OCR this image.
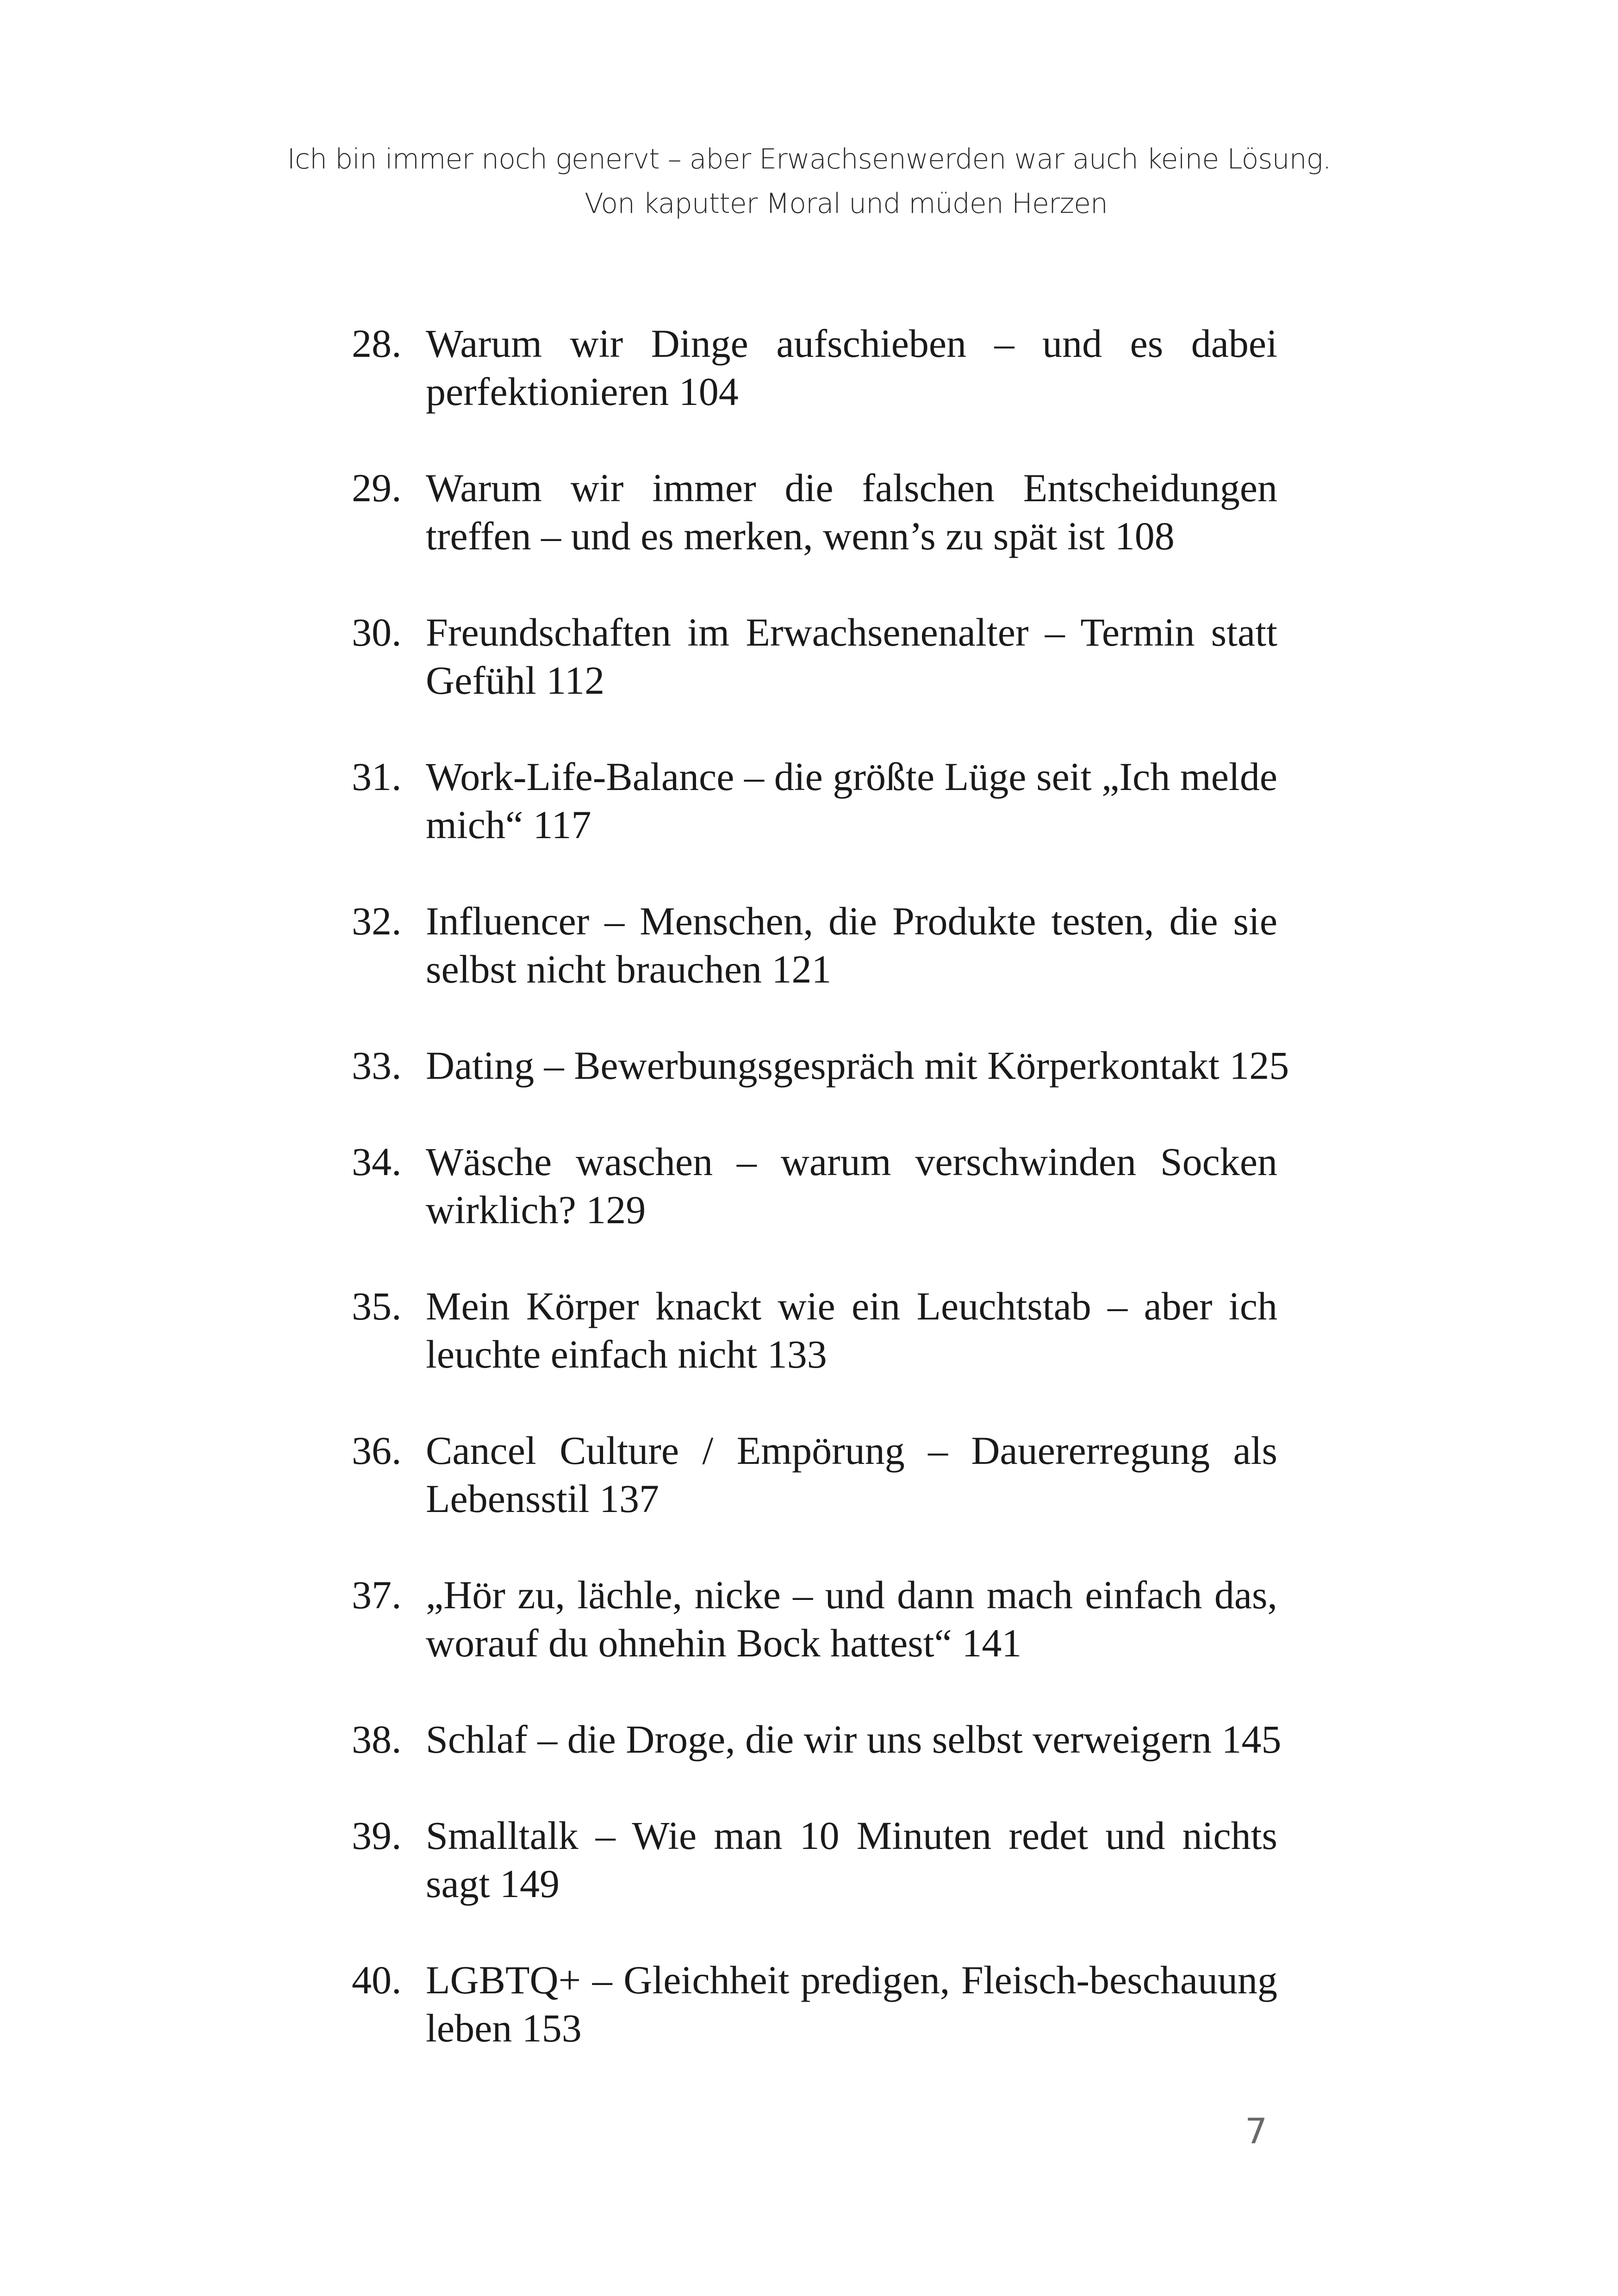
Ich bin immer noch genervt – aber Erwachsenwerden war auch keine Lösung.
Von kaputter Moral und müden Herzen
28. Warum wir Dinge aufschieben – und es dabei perfektionieren 104
29. Warum wir immer die falschen Entscheidungen treffen – und es merken, wenn’s zu spät ist 108
30. Freundschaften im Erwachsenenalter – Termin statt Gefühl 112
31. Work-Life-Balance – die größte Lüge seit „Ich melde mich“ 117
32. Influencer – Menschen, die Produkte testen, die sie selbst nicht brauchen 121
33. Dating – Bewerbungsgespräch mit Körperkontakt 125
34. Wäsche waschen – warum verschwinden Socken wirklich? 129
35. Mein Körper knackt wie ein Leuchtstab – aber ich leuchte einfach nicht 133
36. Cancel Culture / Empörung – Dauererregung als Lebensstil 137
37. „Hör zu, lächle, nicke – und dann mach einfach das, worauf du ohnehin Bock hattest“ 141
38. Schlaf – die Droge, die wir uns selbst verweigern 145
39. Smalltalk – Wie man 10 Minuten redet und nichts sagt 149
40. LGBTQ+ – Gleichheit predigen, Fleisch-beschauung leben 153
7
